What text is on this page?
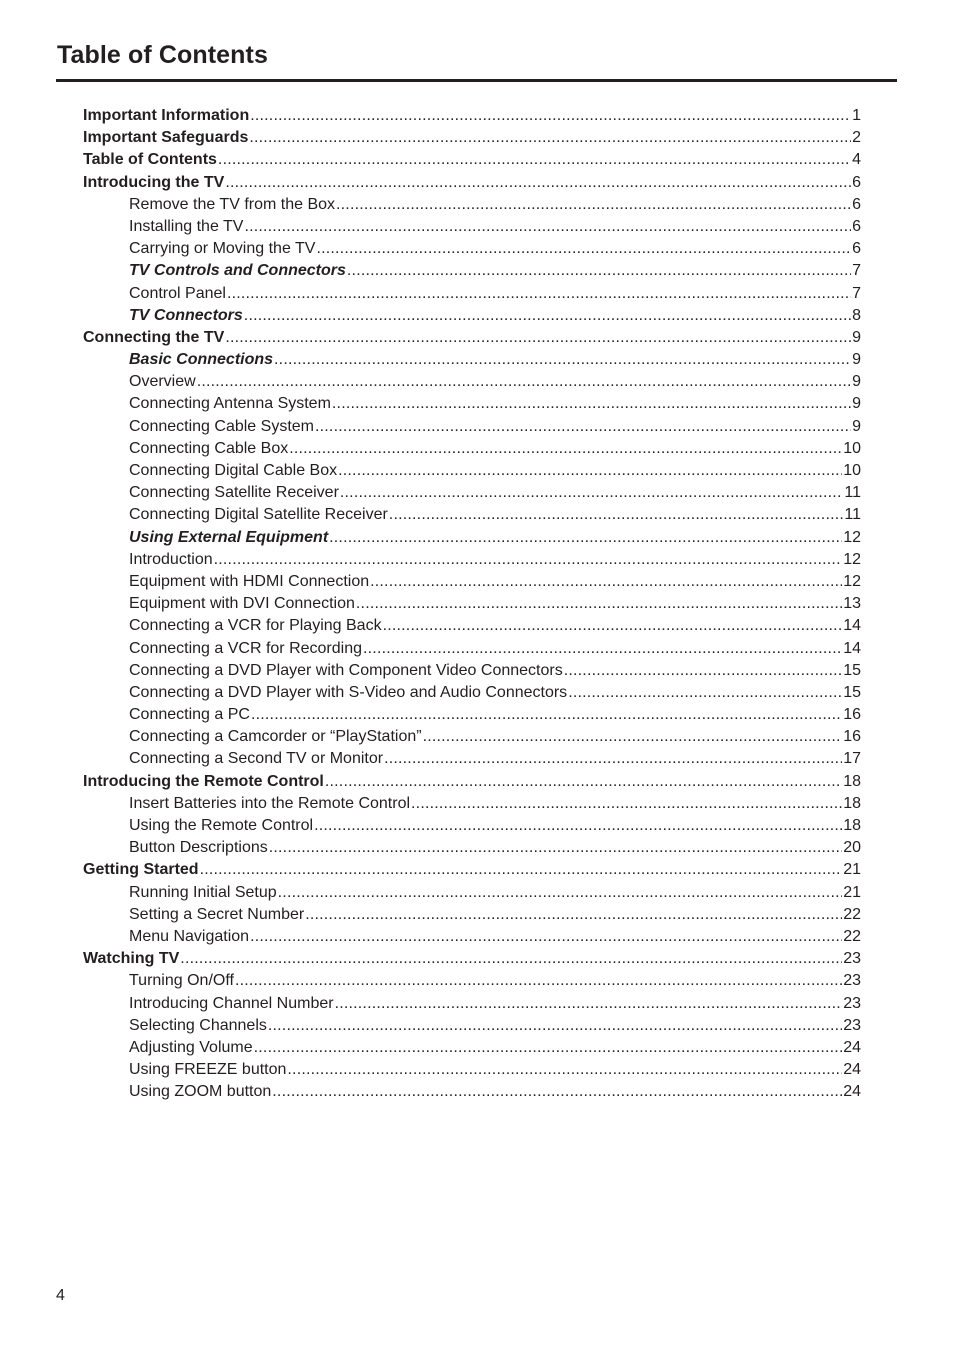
Table of Contents
Important Information .....	1
Important Safeguards .....	2
Table of Contents .....	4
Introducing the TV .....	6
Remove the TV from the Box .....	6
Installing the TV .....	6
Carrying or Moving the TV .....	6
TV Controls and Connectors .....	7
Control Panel .....	7
TV Connectors .....	8
Connecting the TV .....	9
Basic Connections .....	9
Overview .....	9
Connecting Antenna System .....	9
Connecting Cable System .....	9
Connecting Cable Box .....	10
Connecting Digital Cable Box .....	10
Connecting Satellite Receiver .....	11
Connecting Digital Satellite Receiver .....	11
Using External Equipment .....	12
Introduction .....	12
Equipment with HDMI Connection .....	12
Equipment with DVI Connection .....	13
Connecting a VCR for Playing Back .....	14
Connecting a VCR for Recording .....	14
Connecting a DVD Player with Component Video Connectors .....	15
Connecting a DVD Player with S-Video and Audio Connectors .....	15
Connecting a PC .....	16
Connecting a Camcorder or “PlayStation” .....	16
Connecting a Second TV or Monitor .....	17
Introducing the Remote Control .....	18
Insert Batteries into the Remote Control .....	18
Using the Remote Control .....	18
Button Descriptions .....	20
Getting Started .....	21
Running Initial Setup .....	21
Setting a Secret Number .....	22
Menu Navigation .....	22
Watching TV .....	23
Turning On/Off .....	23
Introducing Channel Number .....	23
Selecting Channels .....	23
Adjusting Volume .....	24
Using FREEZE button .....	24
Using ZOOM button .....	24
4
